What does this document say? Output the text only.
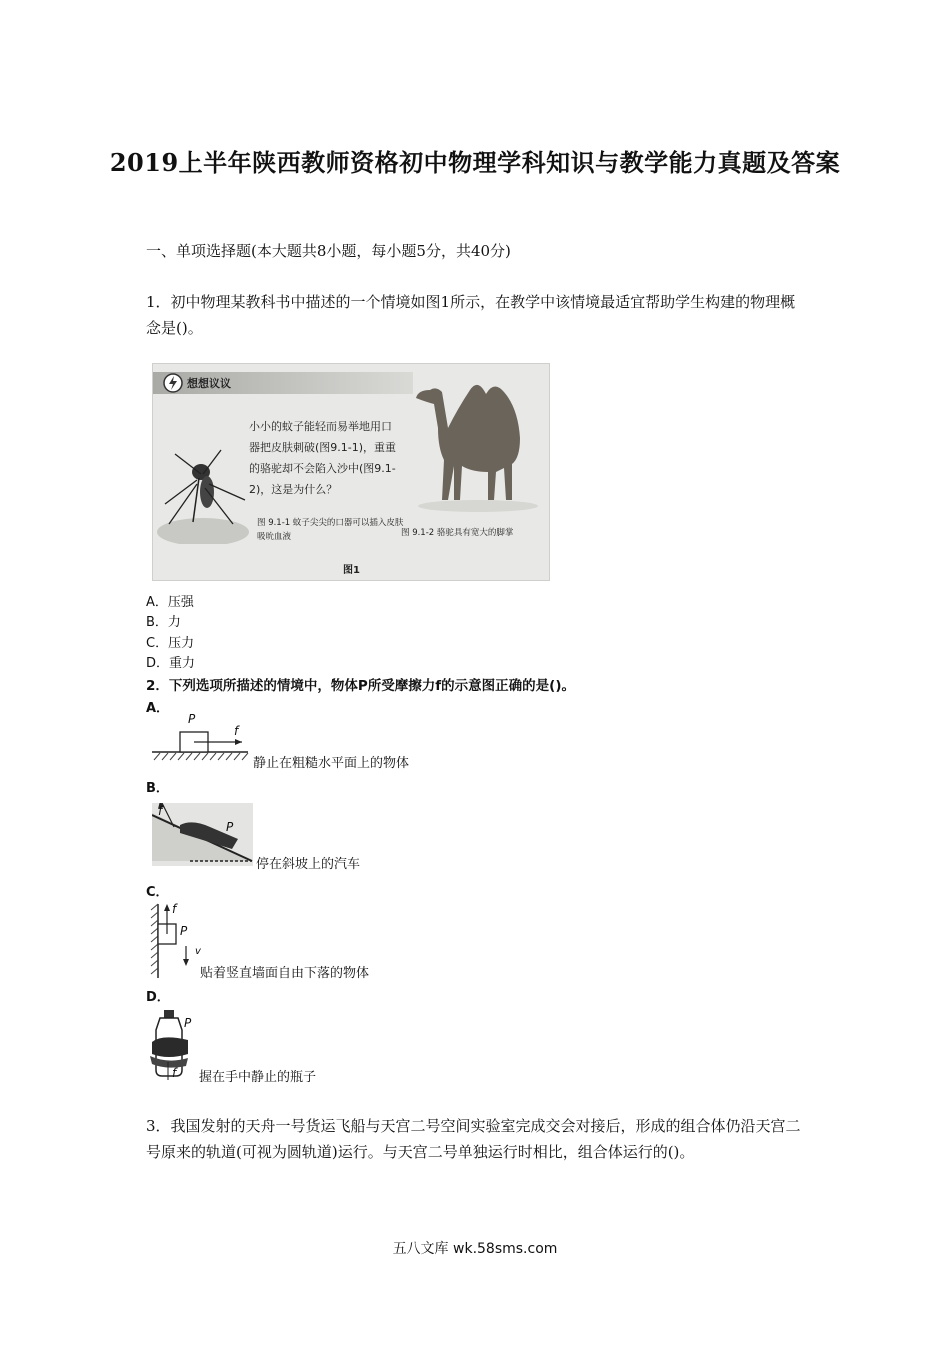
2019上半年陕西教师资格初中物理学科知识与教学能力真题及答案
一、单项选择题(本大题共8小题，每小题5分，共40分)
1．初中物理某教科书中描述的一个情境如图1所示，在教学中该情境最适宜帮助学生构建的物理概念是()。
想想议议
小小的蚊子能轻而易举地用口器把皮肤刺破(图9.1-1)，重重的骆驼却不会陷入沙中(图9.1-2)，这是为什么？
图 9.1-1 蚊子尖尖的口器可以插入皮肤吸吮血液	图 9.1-2 骆驼具有宽大的脚掌
图1
A．压强
B．力
C．压力
D．重力
2．下列选项所描述的情境中，物体P所受摩擦力f的示意图正确的是()。
A．
P
f
静止在粗糙水平面上的物体
B．
f
P
停在斜坡上的汽车
C．
f
P
v
贴着竖直墙面自由下落的物体
D．
P
f 握在手中静止的瓶子
3．我国发射的天舟一号货运飞船与天宫二号空间实验室完成交会对接后，形成的组合体仍沿天宫二号原来的轨道(可视为圆轨道)运行。与天宫二号单独运行时相比，组合体运行的()。
五八文库 wk.58sms.com
